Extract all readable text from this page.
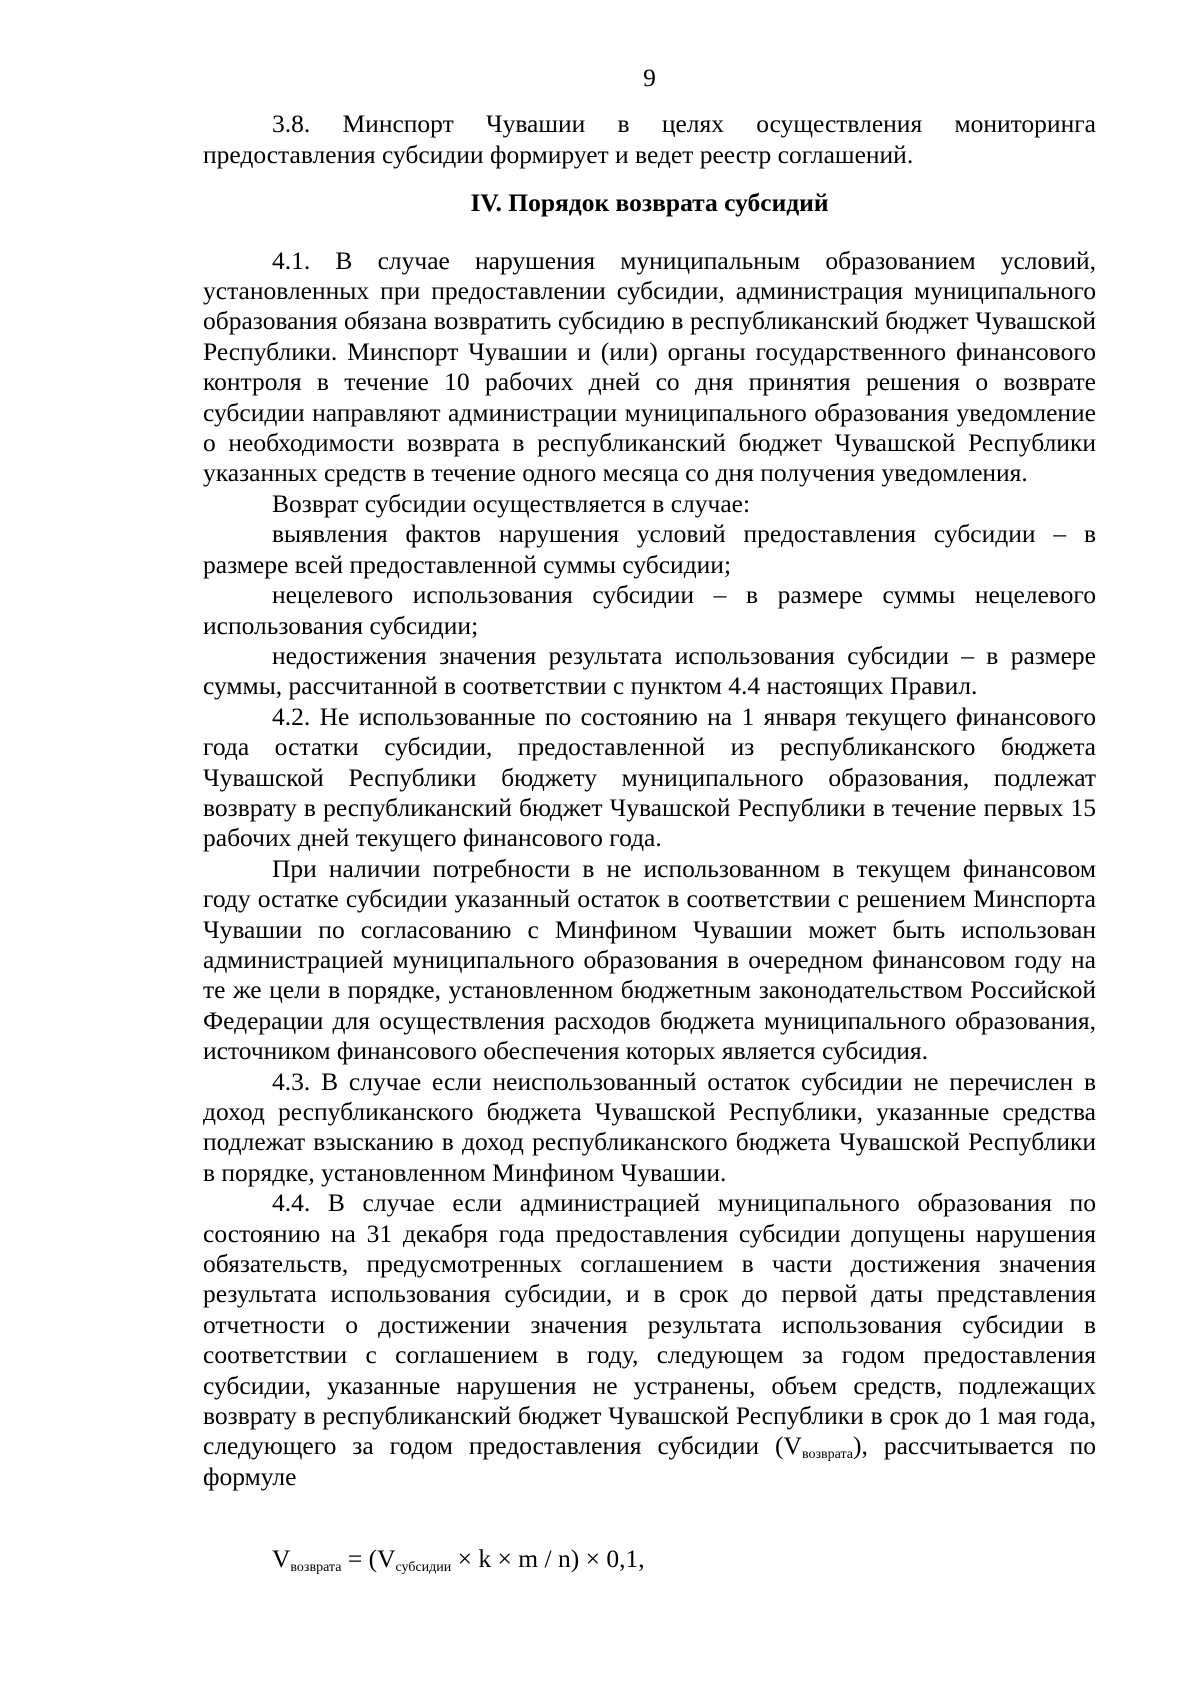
9

3.8. Минспорт Чувашии в целях осуществления мониторинга предоставления субсидии формирует и ведет реестр соглашений.

IV. Порядок возврата субсидий

4.1. В случае нарушения муниципальным образованием условий, установленных при предоставлении субсидии, администрация муниципального образования обязана возвратить субсидию в республиканский бюджет Чувашской Республики. Минспорт Чувашии и (или) органы государственного финансового контроля в течение 10 рабочих дней со дня принятия решения о возврате субсидии направляют администрации муниципального образования уведомление о необходимости возврата в республиканский бюджет Чувашской Республики указанных средств в течение одного месяца со дня получения уведомления.

Возврат субсидии осуществляется в случае:

выявления фактов нарушения условий предоставления субсидии – в размере всей предоставленной суммы субсидии;

нецелевого использования субсидии – в размере суммы нецелевого использования субсидии;

недостижения значения результата использования субсидии – в размере суммы, рассчитанной в соответствии с пунктом 4.4 настоящих Правил.

4.2. Не использованные по состоянию на 1 января текущего финансового года остатки субсидии, предоставленной из республиканского бюджета Чувашской Республики бюджету муниципального образования, подлежат возврату в республиканский бюджет Чувашской Республики в течение первых 15 рабочих дней текущего финансового года.

При наличии потребности в не использованном в текущем финансовом году остатке субсидии указанный остаток в соответствии с решением Минспорта Чувашии по согласованию с Минфином Чувашии может быть использован администрацией муниципального образования в очередном финансовом году на те же цели в порядке, установленном бюджетным законодательством Российской Федерации для осуществления расходов бюджета муниципального образования, источником финансового обеспечения которых является субсидия.

4.3. В случае если неиспользованный остаток субсидии не перечислен в доход республиканского бюджета Чувашской Республики, указанные средства подлежат взысканию в доход республиканского бюджета Чувашской Республики в порядке, установленном Минфином Чувашии.

4.4. В случае если администрацией муниципального образования по состоянию на 31 декабря года предоставления субсидии допущены нарушения обязательств, предусмотренных соглашением в части достижения значения результата использования субсидии, и в срок до первой даты представления отчетности о достижении значения результата использования субсидии в соответствии с соглашением в году, следующем за годом предоставления субсидии, указанные нарушения не устранены, объем средств, подлежащих возврату в республиканский бюджет Чувашской Республики в срок до 1 мая года, следующего за годом предоставления субсидии $(V_{возврата})$, рассчитывается по формуле

$V_{возврата} = (V_{субсидии} \times k \times m / n) \times 0,1$,
